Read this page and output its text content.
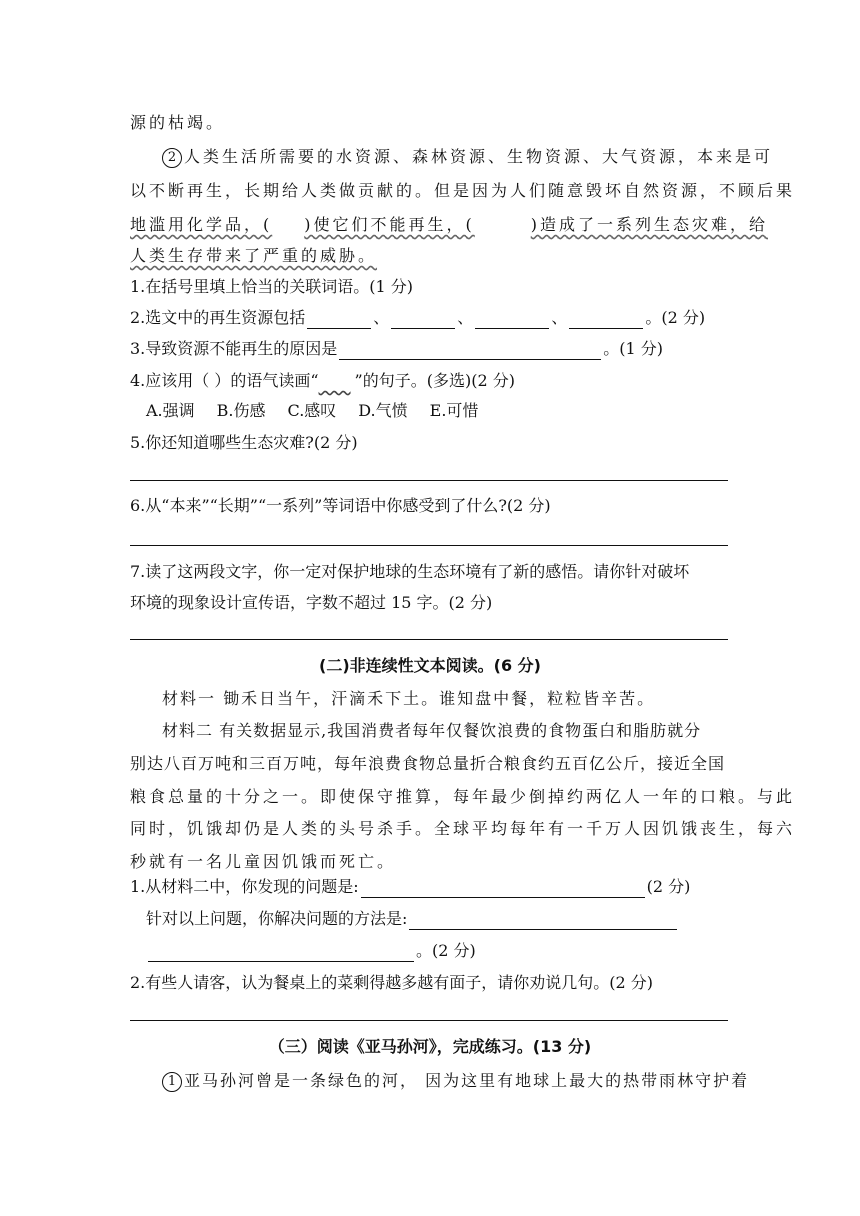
源的枯竭。
2 人类生活所需要的水资源、森林资源、生物资源、大气资源，本来是可
以不断再生，长期给人类做贡献的。但是因为人们随意毁坏自然资源，不顾后果
地滥用化学品，( )使它们不能再生，(	)造成了一系列生态灾难，给
人类生存带来了严重的威胁。
1.在括号里填上恰当的关联词语。(1 分)
2.选文中的再生资源包括	、	、	、	。(2 分)
3.导致资源不能再生的原因是	。(1 分)
4.应该用（ ）的语气读画“   ”的句子。(多选)(2 分)
A.强调 B.伤感 C.感叹 D.气愤 E.可惜
5.你还知道哪些生态灾难?(2 分)
6.从“本来”“长期”“一系列”等词语中你感受到了什么?(2 分)
7.读了这两段文字，你一定对保护地球的生态环境有了新的感悟。请你针对破坏
环境的现象设计宣传语，字数不超过 15 字。(2 分)
(二)非连续性文本阅读。(6 分)
材料一 锄禾日当午，汗滴禾下土。谁知盘中餐，粒粒皆辛苦。
材料二 有关数据显示,我国消费者每年仅餐饮浪费的食物蛋白和脂肪就分
别达八百万吨和三百万吨，每年浪费食物总量折合粮食约五百亿公斤，接近全国
粮食总量的十分之一。即使保守推算，每年最少倒掉约两亿人一年的口粮。与此
同时，饥饿却仍是人类的头号杀手。全球平均每年有一千万人因饥饿丧生，每六
秒就有一名儿童因饥饿而死亡。
1.从材料二中，你发现的问题是:	(2 分)
针对以上问题，你解决问题的方法是:
。(2 分)
2.有些人请客，认为餐桌上的菜剩得越多越有面子，请你劝说几句。(2 分)
（三）阅读《亚马孙河》，完成练习。(13 分)
1 亚马孙河曾是一条绿色的河， 因为这里有地球上最大的热带雨林守护着
